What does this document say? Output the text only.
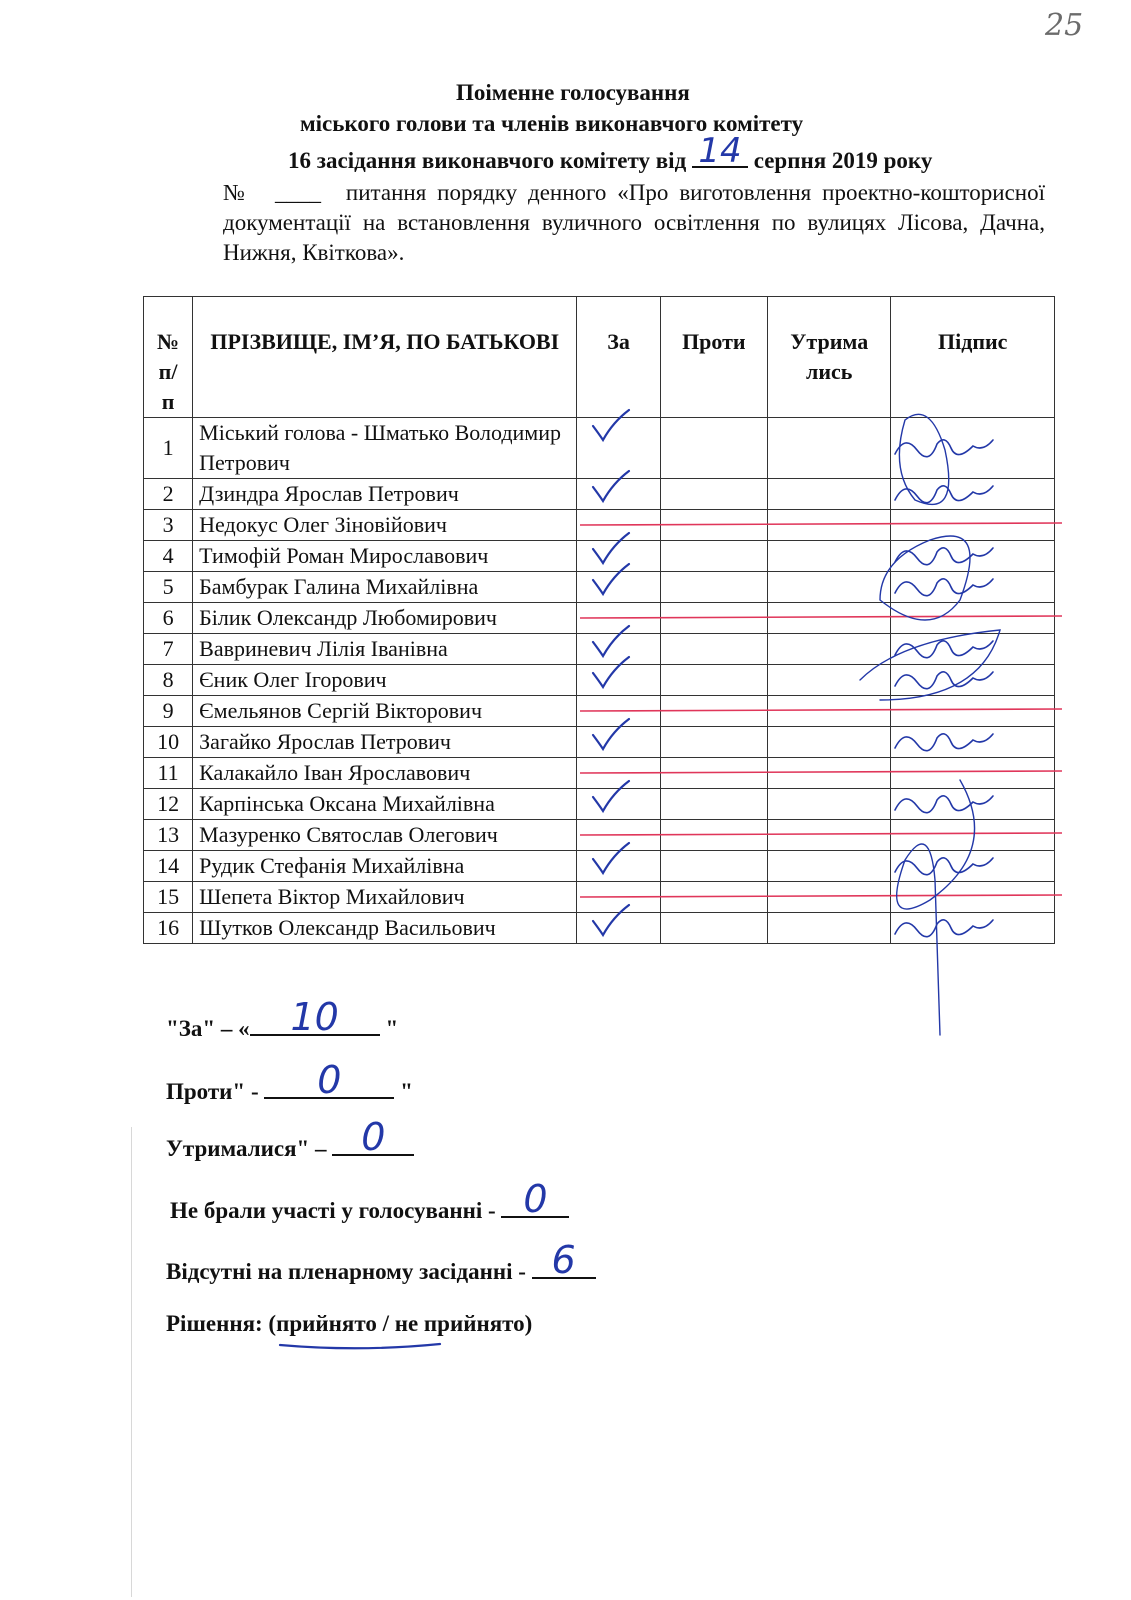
25
Поіменне голосування
міського голови та членів виконавчого комітету
16 засідання виконавчого комітету від 14 серпня 2019 року
№ ____ питання порядку денного «Про виготовлення проектно-кошторисної документації на встановлення вуличного освітлення по вулицях Лісова, Дачна, Нижня, Квіткова».
№ п/ п	ПРІЗВИЩЕ, ІМ’Я, ПО БАТЬКОВІ	За	Проти	Утрима лись	Підпис
1	Міський голова - Шматько Володимир Петрович	

2	Дзиндра Ярослав Петрович	

3	Недокус Олег Зіновійович				
4	Тимофій Роман Мирославович	

5	Бамбурак Галина Михайлівна	

6	Білик Олександр Любомирович				
7	Вавриневич Лілія Іванівна	

8	Єник Олег Ігорович	

9	Ємельянов Сергій Вікторович				
10	Загайко Ярослав Петрович	

11	Калакайло Іван Ярославович				
12	Карпінська Оксана Михайлівна	

13	Мазуренко Святослав Олегович				
14	Рудик Стефанія Михайлівна	

15	Шепета Віктор Михайлович				
16	Шутков Олександр Васильович	

"За" – «	10	"
Проти" -	0	"
Утрималися" – 0
Не брали участі у голосуванні - 0
Відсутні на пленарному засіданні - 6
Рішення: (прийнято / не прийнято)
